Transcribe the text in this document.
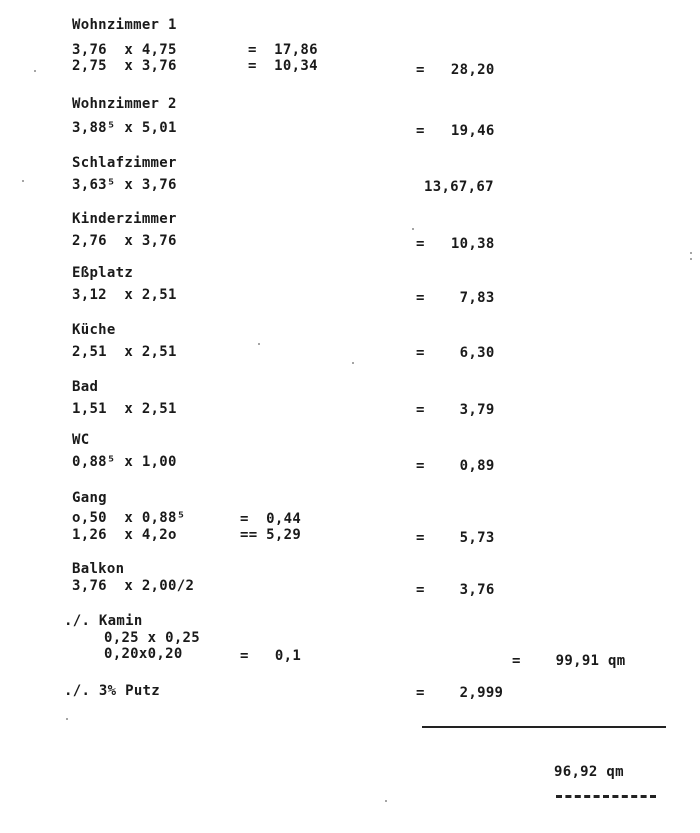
Wohnzimmer 1
3,76  x 4,75	=  17,86
2,75  x 3,76	=  10,34	=   28,20
Wohnzimmer 2
3,88⁵ x 5,01	=   19,46
Schlafzimmer
3,63⁵ x 3,76	13,67,67
Kinderzimmer
2,76  x 3,76	=   10,38
Eßplatz
3,12  x 2,51	=    7,83
Küche
2,51  x 2,51	=    6,30
Bad
1,51  x 2,51	=    3,79
WC
0,88⁵ x 1,00	=    0,89
Gang
o,50  x 0,88⁵	=  0,44
1,26  x 4,2o	== 5,29	=    5,73
Balkon
3,76  x 2,00/2	=    3,76
./. Kamin
0,25 x 0,25
0,20x0,20	=   0,1	=    99,91 qm
./. 3% Putz	=    2,999
96,92 qm
